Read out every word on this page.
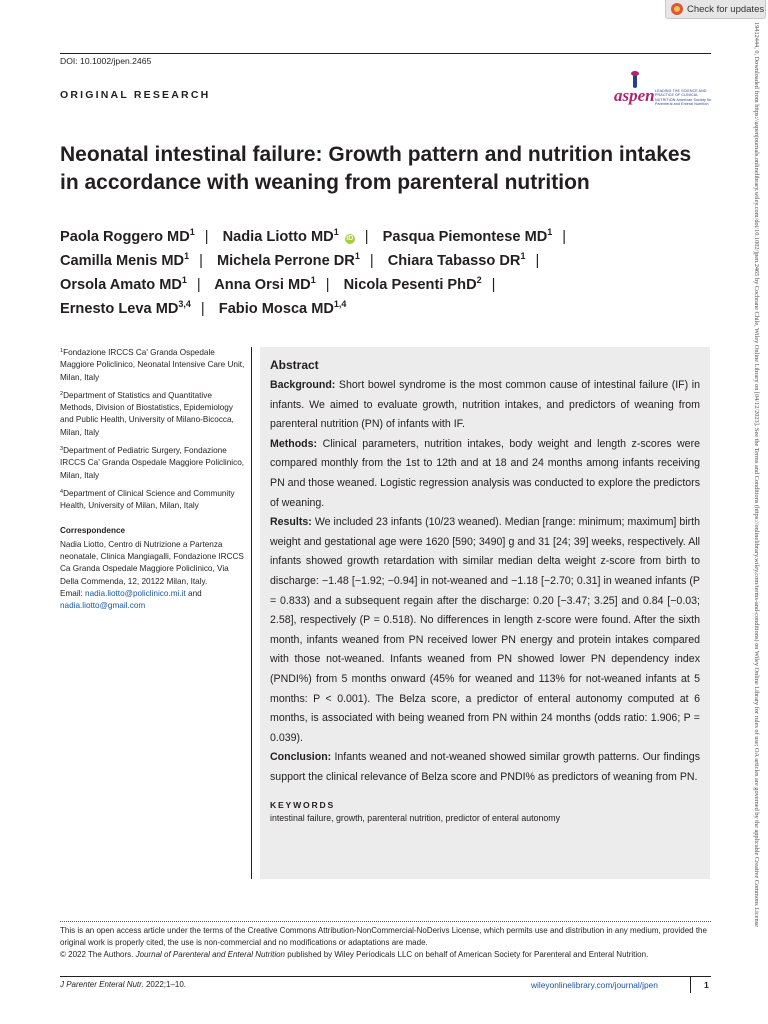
Check for updates
DOI: 10.1002/jpen.2465
ORIGINAL RESEARCH	aspen LEADING THE SCIENCE AND PRACTICE OF CLINICAL NUTRITION American Society for Parenteral and Enteral Nutrition
Neonatal intestinal failure: Growth pattern and nutrition intakes in accordance with weaning from parenteral nutrition
Paola Roggero $MD^1$ | Nadia Liotto $MD^1$ iD | Pasqua Piemontese $MD^1$ |
Camilla Menis $MD^1$ | Michela Perrone $DR^1$ | Chiara Tabasso $DR^1$ |
Orsola Amato $MD^1$ | Anna Orsi $MD^1$ | Nicola Pesenti PhD$^2$ |
Ernesto Leva MD$^{3,4}$ | Fabio Mosca MD$^{1,4}$

$^1$Fondazione IRCCS Ca' Granda Ospedale Maggiore Policlinico, Neonatal Intensive Care Unit, Milan, Italy

$^2$Department of Statistics and Quantitative Methods, Division of Biostatistics, Epidemiology and Public Health, University of Milano-Bicocca, Milan, Italy

$^3$Department of Pediatric Surgery, Fondazione IRCCS Ca' Granda Ospedale Maggiore Policlinico, Milan, Italy

$^4$Department of Clinical Science and Community Health, University of Milan, Milan, Italy

Correspondence
Nadia Liotto, Centro di Nutrizione a Partenza neonatale, Clinica Mangiagalli, Fondazione IRCCS Ca Granda Ospedale Maggiore Policlinico, Via Della Commenda, 12, 20122 Milan, Italy.
Email: nadia.liotto@policlinico.mi.it and
nadia.liotto@gmail.com
Abstract

Background: Short bowel syndrome is the most common cause of intestinal failure (IF) in infants. We aimed to evaluate growth, nutrition intakes, and predictors of weaning from parenteral nutrition (PN) of infants with IF.

Methods: Clinical parameters, nutrition intakes, body weight and length z-scores were compared monthly from the 1st to 12th and at 18 and 24 months among infants receiving PN and those weaned. Logistic regression analysis was conducted to explore the predictors of weaning.

Results: We included 23 infants (10/23 weaned). Median [range: minimum; maximum] birth weight and gestational age were 1620 [590; 3490] g and 31 [24; 39] weeks, respectively. All infants showed growth retardation with similar median delta weight z-score from birth to discharge: −1.48 [−1.92; −0.94] in not-weaned and −1.18 [−2.70; 0.31] in weaned infants (P = 0.833) and a subsequent regain after the discharge: 0.20 [−3.47; 3.25] and 0.84 [−0.03; 2.58], respectively (P = 0.518). No differences in length z-score were found. After the sixth month, infants weaned from PN received lower PN energy and protein intakes compared with those not-weaned. Infants weaned from PN showed lower PN dependency index (PNDI%) from 5 months onward (45% for weaned and 113% for not-weaned infants at 5 months: P < 0.001). The Belza score, a predictor of enteral autonomy computed at 6 months, is associated with being weaned from PN within 24 months (odds ratio: 1.906; P = 0.039).

Conclusion: Infants weaned and not-weaned showed similar growth patterns. Our findings support the clinical relevance of Belza score and PNDI% as predictors of weaning from PN.

KEYWORDS
intestinal failure, growth, parenteral nutrition, predictor of enteral autonomy
This is an open access article under the terms of the Creative Commons Attribution-NonCommercial-NoDerivs License, which permits use and distribution in any medium, provided the original work is properly cited, the use is non-commercial and no modifications or adaptations are made.
© 2022 The Authors. Journal of Parenteral and Enteral Nutrition published by Wiley Periodicals LLC on behalf of American Society for Parenteral and Enteral Nutrition.
J Parenter Enteral Nutr. 2022;1–10.	wileyonlinelibrary.com/journal/jpen	1
19412444, 0, Downloaded from https://aspenjournals.onlinelibrary.wiley.com/doi/10.1002/jpen.2465 by Cochrane Chile, Wiley Online Library on [04/12/2023]. See the Terms and Conditions (https://onlinelibrary.wiley.com/terms-and-conditions) on Wiley Online Library for rules of use; OA articles are governed by the applicable Creative Commons License
